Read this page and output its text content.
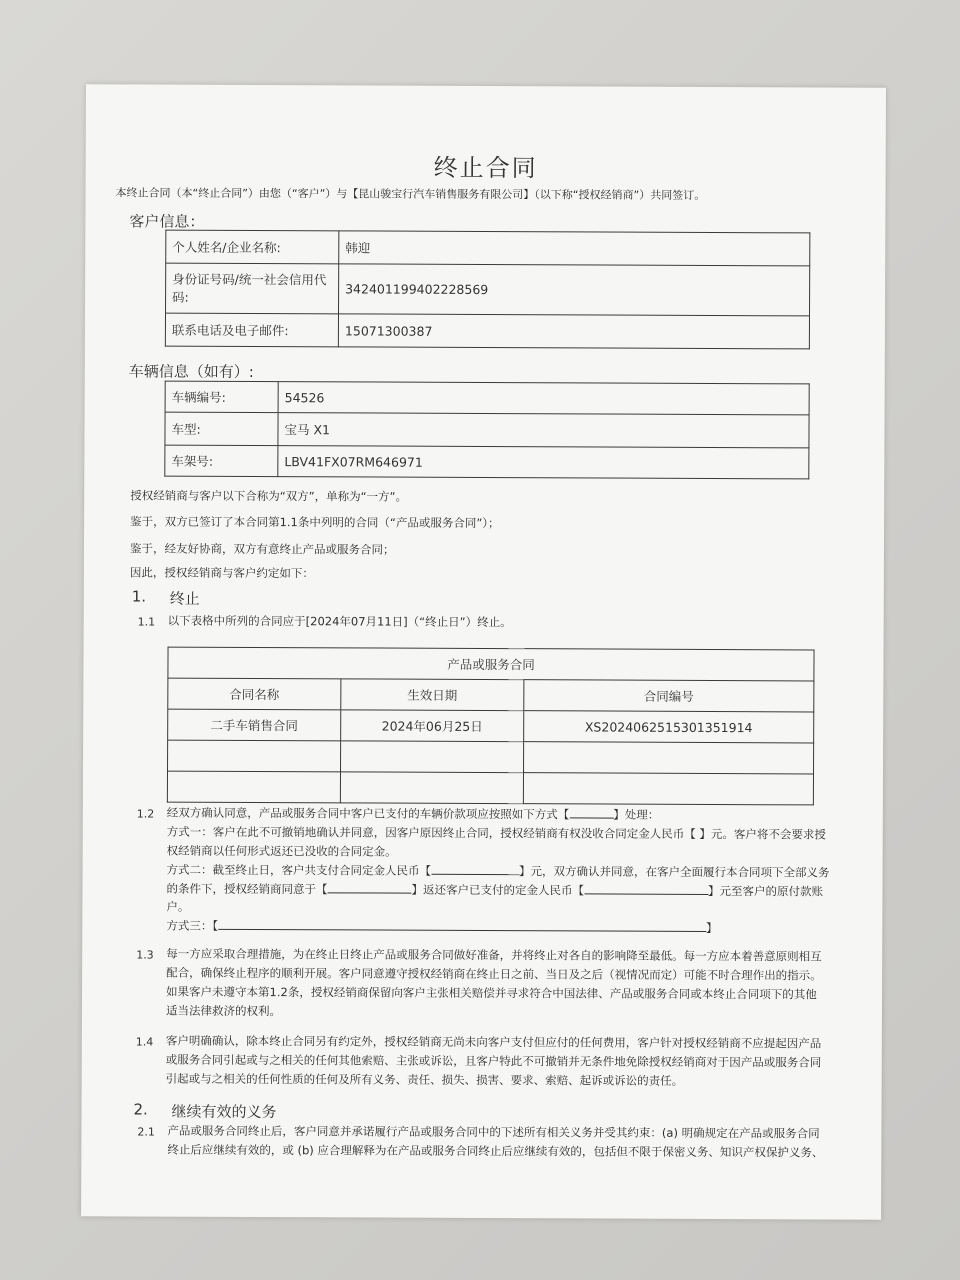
终止合同
本终止合同（本“终止合同”）由您（“客户”）与【昆山骏宝行汽车销售服务有限公司】（以下称“授权经销商”）共同签订。
客户信息：
个人姓名/企业名称:	韩迎
身份证号码/统一社会信用代码:	342401199402228569
联系电话及电子邮件:	15071300387
车辆信息（如有）:
车辆编号:	54526
车型:	宝马 X1
车架号:	LBV41FX07RM646971
授权经销商与客户以下合称为“双方”，单称为“一方”。
鉴于，双方已签订了本合同第1.1条中列明的合同（“产品或服务合同”）；
鉴于，经友好协商，双方有意终止产品或服务合同；
因此，授权经销商与客户约定如下：
1. 终止
1.1 以下表格中所列的合同应于[2024年07月11日]（“终止日”）终止。
产品或服务合同		
合同名称	生效日期	合同编号
二手车销售合同	2024年06月25日	XS2024062515301351914

1.2 经双方确认同意，产品或服务合同中客户已支付的车辆价款项应按照如下方式【	】处理：
方式一：客户在此不可撤销地确认并同意，因客户原因终止合同，授权经销商有权没收合同定金人民币【 】元。客户将不会要求授
权经销商以任何形式返还已没收的合同定金。
方式二：截至终止日，客户共支付合同定金人民币【	】元，双方确认并同意，在客户全面履行本合同项下全部义务
的条件下，授权经销商同意于【	】返还客户已支付的定金人民币【	】元至客户的原付款账
户。
方式三：【	】
1.3 每一方应采取合理措施，为在终止日终止产品或服务合同做好准备，并将终止对各自的影响降至最低。每一方应本着善意原则相互
配合，确保终止程序的顺利开展。客户同意遵守授权经销商在终止日之前、当日及之后（视情况而定）可能不时合理作出的指示。
如果客户未遵守本第1.2条，授权经销商保留向客户主张相关赔偿并寻求符合中国法律、产品或服务合同或本终止合同项下的其他
适当法律救济的权利。
1.4 客户明确确认，除本终止合同另有约定外，授权经销商无尚未向客户支付但应付的任何费用，客户针对授权经销商不应提起因产品
或服务合同引起或与之相关的任何其他索赔、主张或诉讼，且客户特此不可撤销并无条件地免除授权经销商对于因产品或服务合同
引起或与之相关的任何性质的任何及所有义务、责任、损失、损害、要求、索赔、起诉或诉讼的责任。
2. 继续有效的义务
2.1 产品或服务合同终止后，客户同意并承诺履行产品或服务合同中的下述所有相关义务并受其约束：(a) 明确规定在产品或服务合同
终止后应继续有效的，或 (b) 应合理解释为在产品或服务合同终止后应继续有效的，包括但不限于保密义务、知识产权保护义务、
